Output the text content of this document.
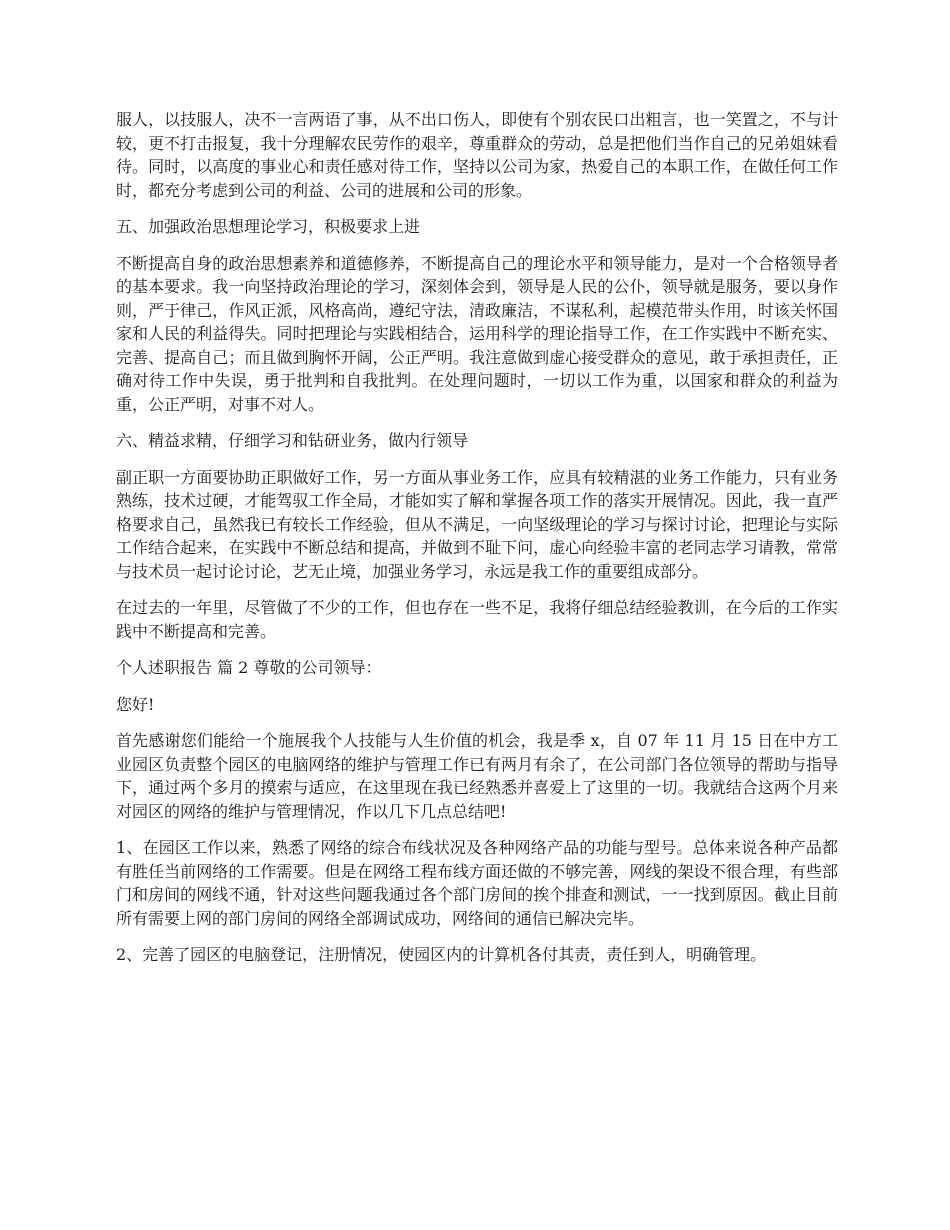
服人，以技服人，决不一言两语了事，从不出口伤人，即使有个别农民口出粗言，也一笑置之，不与计较，更不打击报复，我十分理解农民劳作的艰辛，尊重群众的劳动，总是把他们当作自己的兄弟姐妹看待。同时，以高度的事业心和责任感对待工作，坚持以公司为家，热爱自己的本职工作，在做任何工作时，都充分考虑到公司的利益、公司的进展和公司的形象。

五、加强政治思想理论学习，积极要求上进

不断提高自身的政治思想素养和道德修养，不断提高自己的理论水平和领导能力，是对一个合格领导者的基本要求。我一向坚持政治理论的学习，深刻体会到，领导是人民的公仆，领导就是服务，要以身作则，严于律己，作风正派，风格高尚，遵纪守法，清政廉洁，不谋私利，起模范带头作用，时该关怀国家和人民的利益得失。同时把理论与实践相结合，运用科学的理论指导工作，在工作实践中不断充实、完善、提高自己；而且做到胸怀开阔，公正严明。我注意做到虚心接受群众的意见，敢于承担责任，正确对待工作中失误，勇于批判和自我批判。在处理问题时，一切以工作为重，以国家和群众的利益为重，公正严明，对事不对人。

六、精益求精，仔细学习和钻研业务，做内行领导

副正职一方面要协助正职做好工作，另一方面从事业务工作，应具有较精湛的业务工作能力，只有业务熟练，技术过硬，才能驾驭工作全局，才能如实了解和掌握各项工作的落实开展情况。因此，我一直严格要求自己，虽然我已有较长工作经验，但从不满足，一向坚级理论的学习与探讨讨论，把理论与实际工作结合起来，在实践中不断总结和提高，并做到不耻下问，虚心向经验丰富的老同志学习请教，常常与技术员一起讨论讨论，艺无止境，加强业务学习，永远是我工作的重要组成部分。

在过去的一年里，尽管做了不少的工作，但也存在一些不足，我将仔细总结经验教训，在今后的工作实践中不断提高和完善。

个人述职报告 篇 2 尊敬的公司领导：

您好!

首先感谢您们能给一个施展我个人技能与人生价值的机会，我是季 x，自 07 年 11 月 15 日在中方工业园区负责整个园区的电脑网络的维护与管理工作已有两月有余了，在公司部门各位领导的帮助与指导下，通过两个多月的摸索与适应，在这里现在我已经熟悉并喜爱上了这里的一切。我就结合这两个月来对园区的网络的维护与管理情况，作以几下几点总结吧!

1、在园区工作以来，熟悉了网络的综合布线状况及各种网络产品的功能与型号。总体来说各种产品都有胜任当前网络的工作需要。但是在网络工程布线方面还做的不够完善，网线的架设不很合理，有些部门和房间的网线不通，针对这些问题我通过各个部门房间的挨个排查和测试，一一找到原因。截止目前所有需要上网的部门房间的网络全部调试成功，网络间的通信已解决完毕。

2、完善了园区的电脑登记，注册情况，使园区内的计算机各付其责，责任到人，明确管理。
